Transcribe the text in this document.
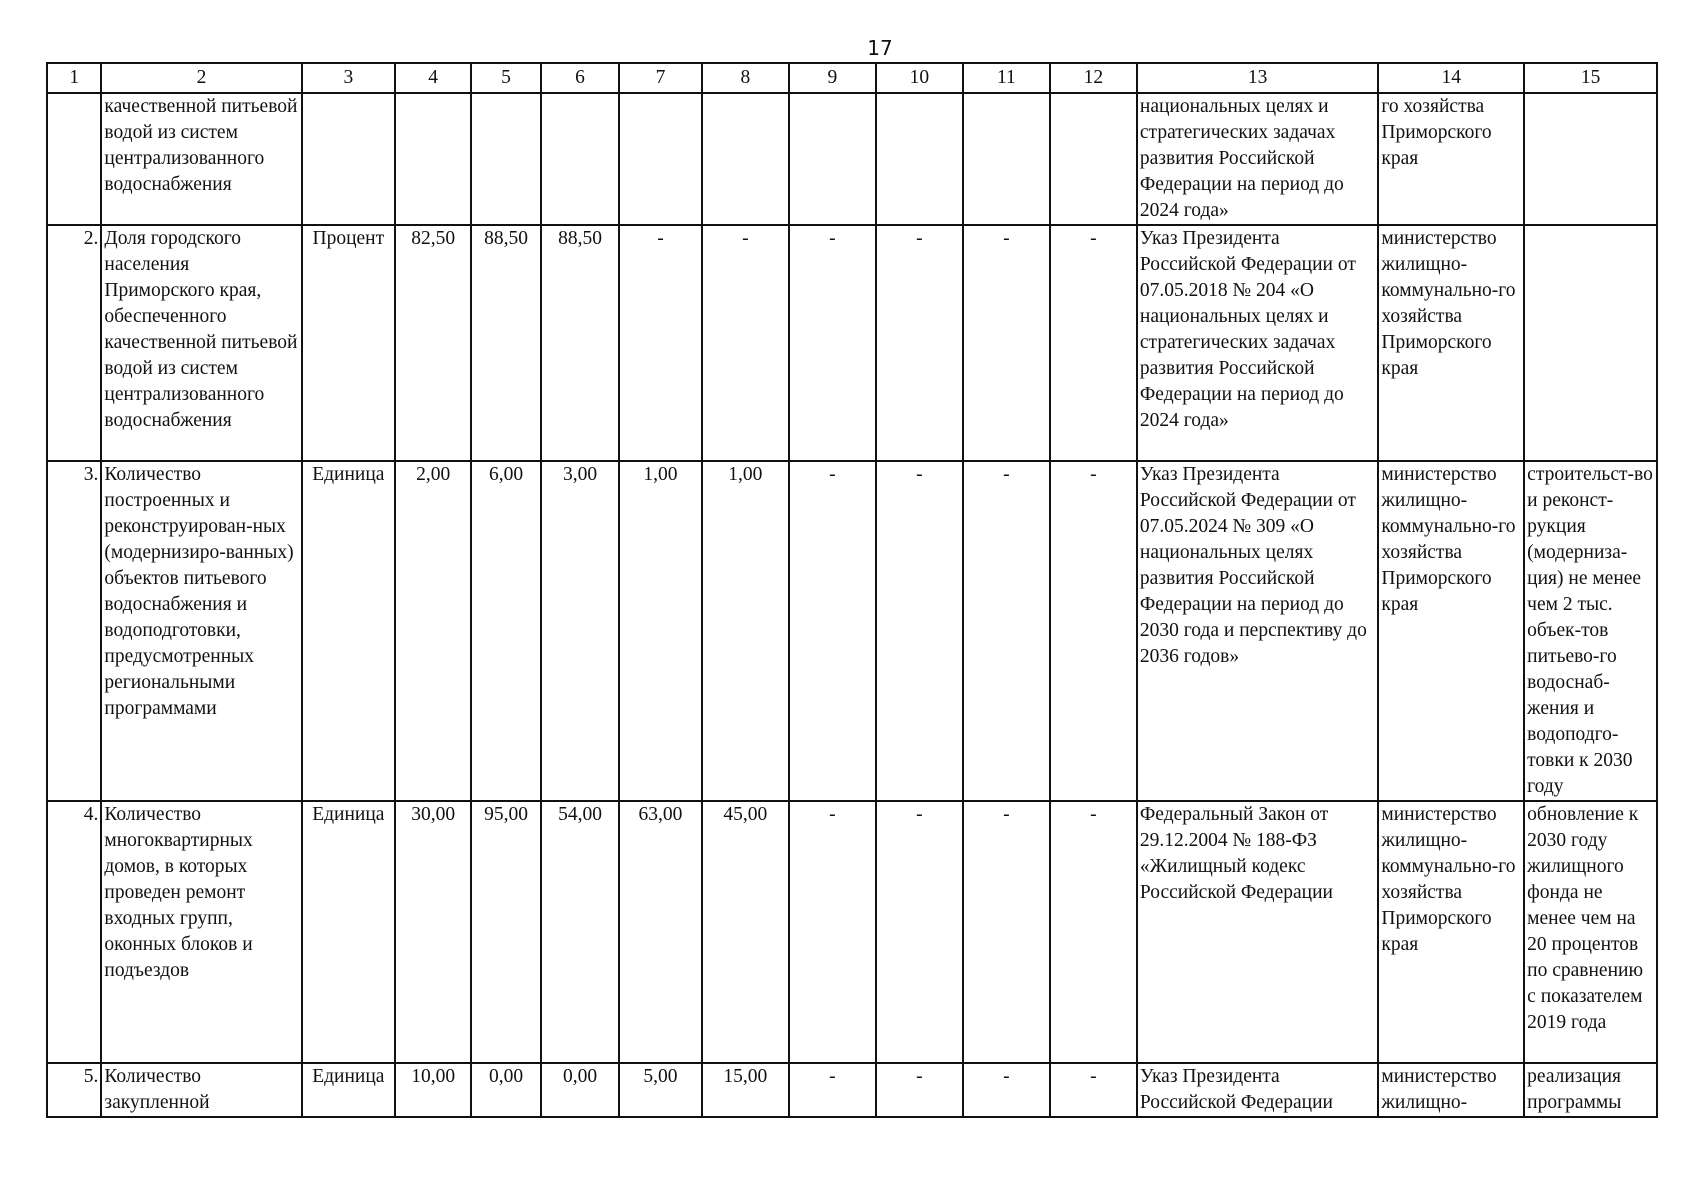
17
1	2	3	4	5	6	7	8	9	10	11	12	13	14	15
	качественной питьевой водой из систем централизованного водоснабжения											национальных целях и стратегических задачах развития Российской Федерации на период до 2024 года»	го хозяйства Приморского края	
2.	Доля городского населения Приморского края, обеспеченного качественной питьевой водой из систем централизованного водоснабжения	Процент	82,50	88,50	88,50	-	-	-	-	-	-	Указ Президента Российской Федерации от 07.05.2018 № 204 «О национальных целях и стратегических задачах развития Российской Федерации на период до 2024 года»	министерство жилищно-коммунально-го хозяйства Приморского края	
3.	Количество построенных и реконструирован-ных (модернизиро-ванных) объектов питьевого водоснабжения и водоподготовки, предусмотренных региональными программами	Единица	2,00	6,00	3,00	1,00	1,00	-	-	-	-	Указ Президента Российской Федерации от 07.05.2024 № 309 «О национальных целях развития Российской Федерации на период до 2030 года и перспективу до 2036 годов»	министерство жилищно-коммунально-го хозяйства Приморского края	строительст-во и реконст-рукция (модерниза-ция) не менее чем 2 тыс. объек-тов питьево-го водоснаб-жения и водоподго-товки к 2030 году
4.	Количество многоквартирных домов, в которых проведен ремонт входных групп, оконных блоков и подъездов	Единица	30,00	95,00	54,00	63,00	45,00	-	-	-	-	Федеральный Закон от 29.12.2004 № 188-ФЗ «Жилищный кодекс Российской Федерации	министерство жилищно-коммунально-го хозяйства Приморского края	обновление к 2030 году жилищного фонда не менее чем на 20 процентов по сравнению с показателем 2019 года
5.	Количество закупленной	Единица	10,00	0,00	0,00	5,00	15,00	-	-	-	-	Указ Президента Российской Федерации	министерство жилищно-	реализация программы
